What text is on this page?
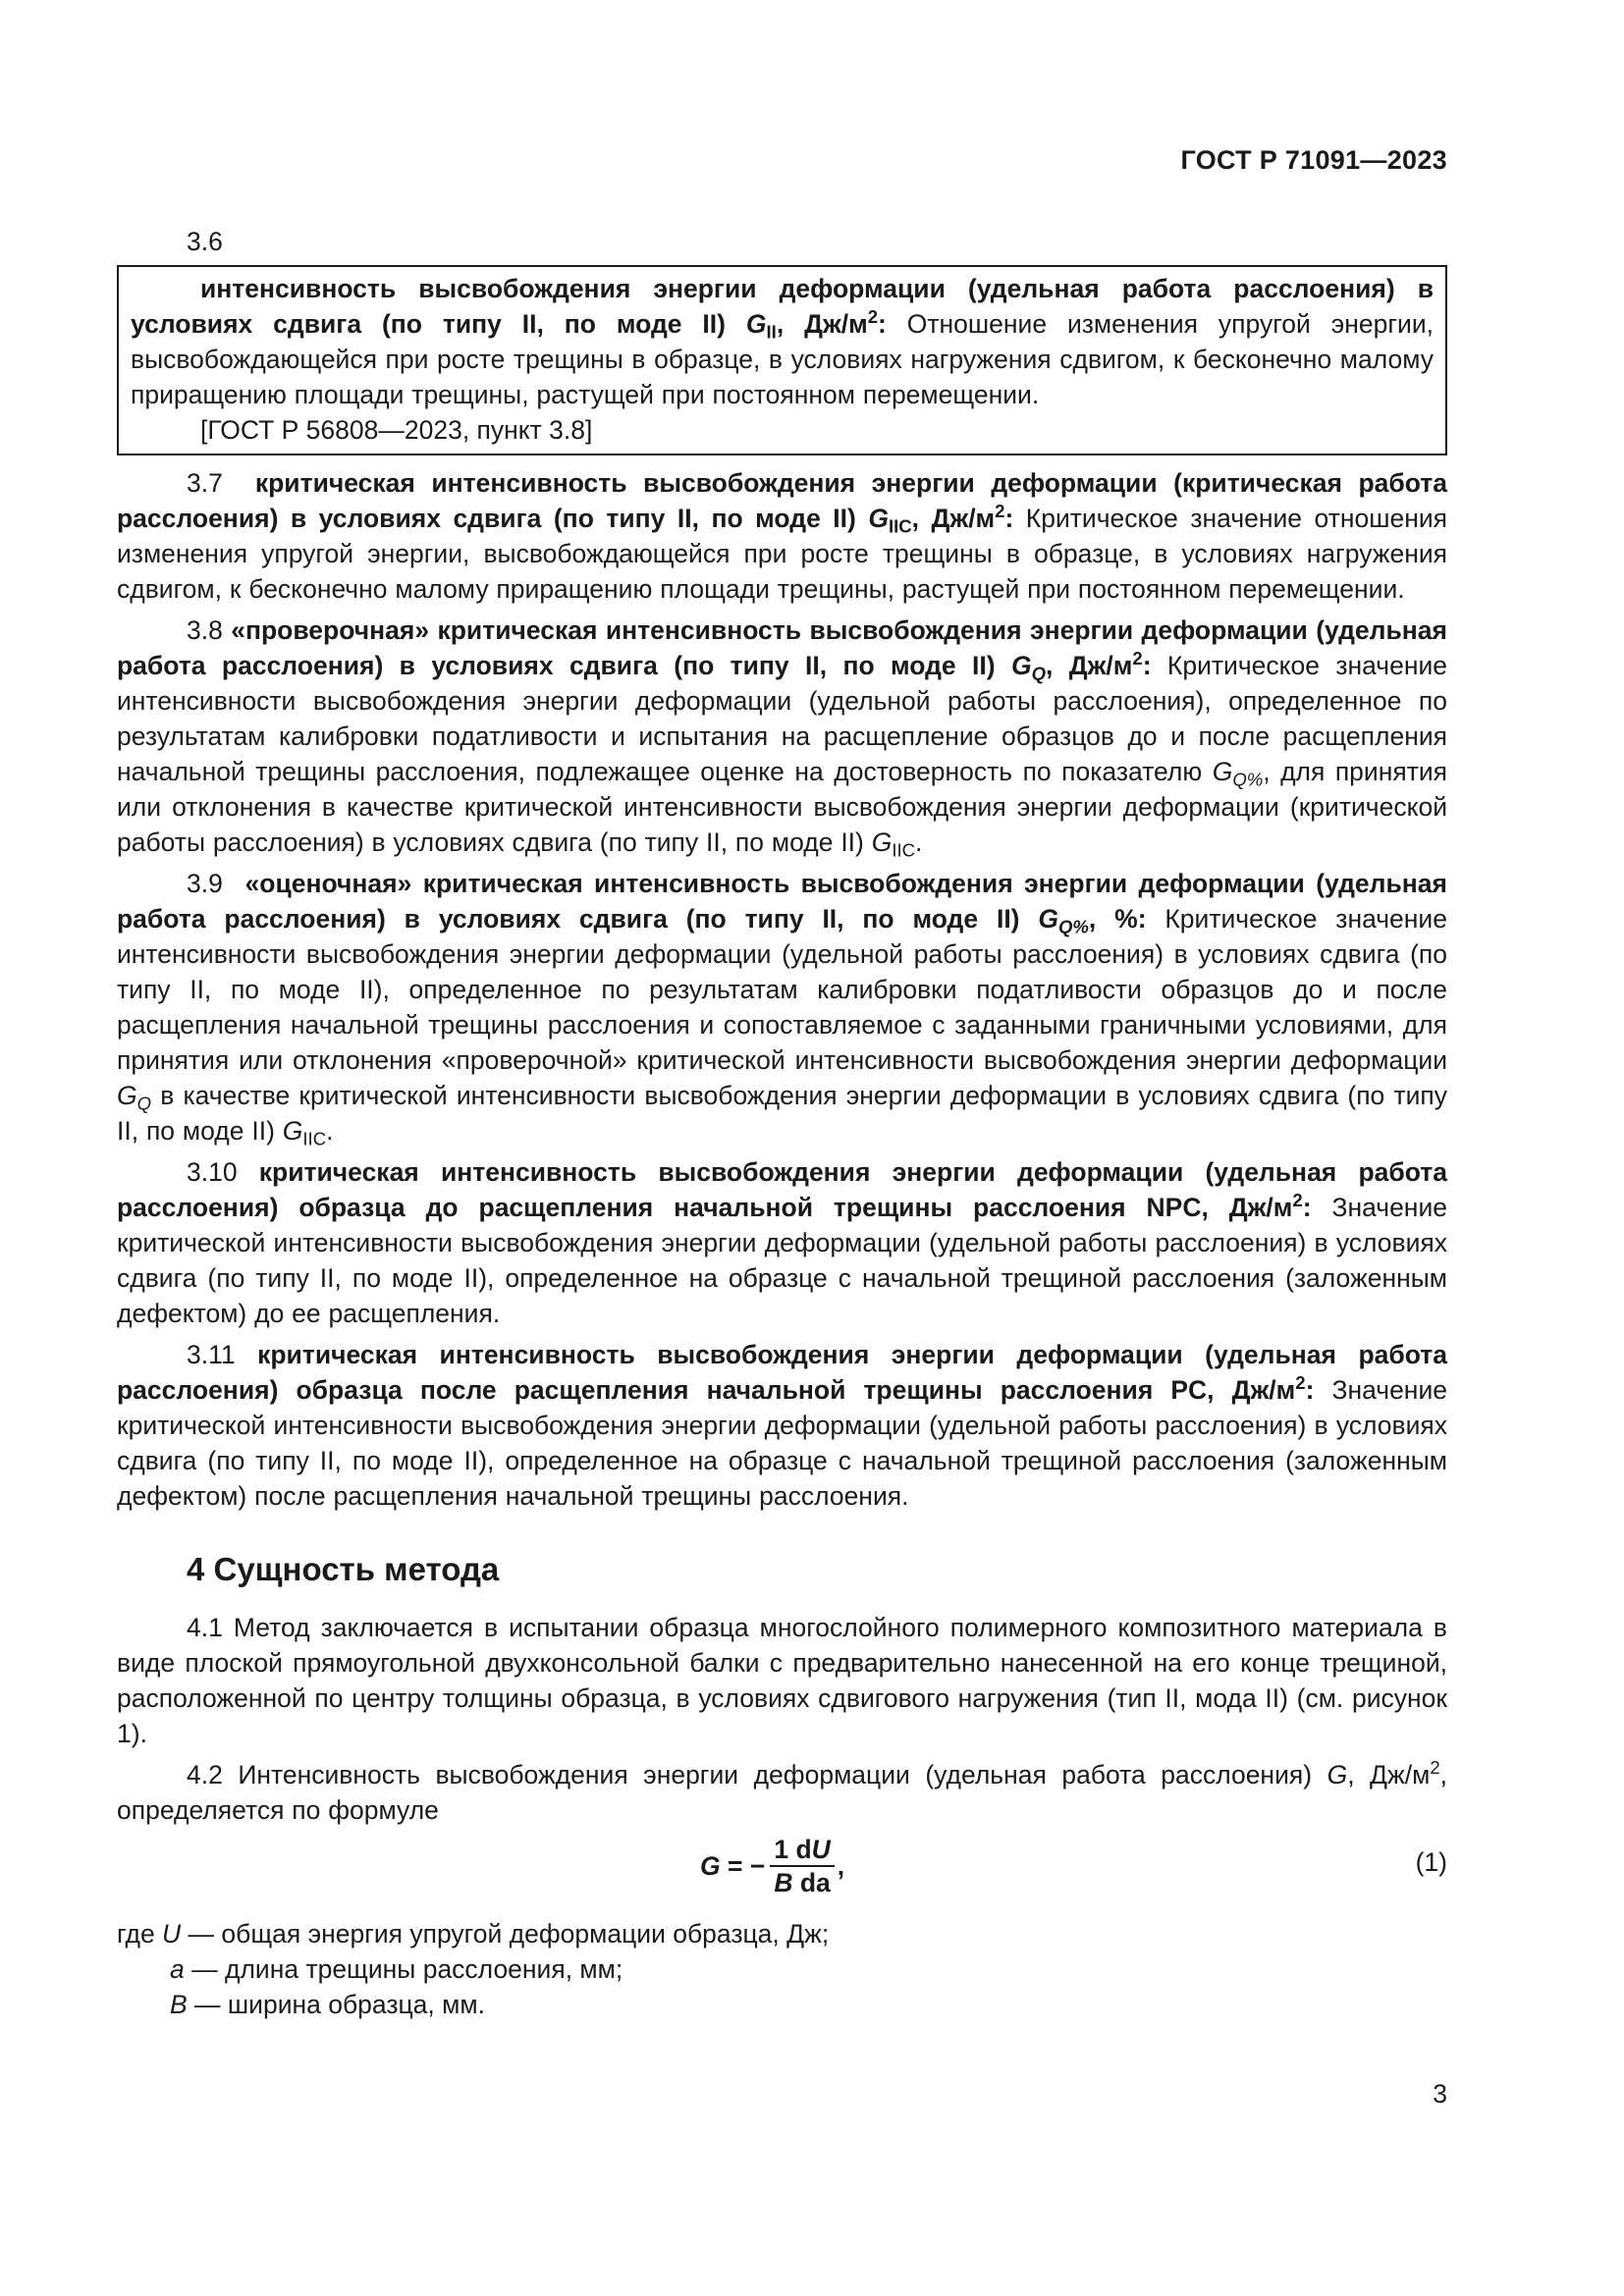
ГОСТ Р 71091—2023
3.6

интенсивность высвобождения энергии деформации (удельная работа расслоения) в условиях сдвига (по типу II, по моде II) $G_{II}$, $Дж/м^2$: Отношение изменения упругой энергии, высвобождающейся при росте трещины в образце, в условиях нагружения сдвигом, к бесконечно малому приращению площади трещины, растущей при постоянном перемещении.

[ГОСТ Р 56808—2023, пункт 3.8]

3.7 критическая интенсивность высвобождения энергии деформации (критическая работа расслоения) в условиях сдвига (по типу II, по моде II) $G_{IIC}$, $Дж/м^2$: Критическое значение отношения изменения упругой энергии, высвобождающейся при росте трещины в образце, в условиях нагружения сдвигом, к бесконечно малому приращению площади трещины, растущей при постоянном перемещении.

3.8 «проверочная» критическая интенсивность высвобождения энергии деформации (удельная работа расслоения) в условиях сдвига (по типу II, по моде II) $G_Q$, $Дж/м^2$: Критическое значение интенсивности высвобождения энергии деформации (удельной работы расслоения), определенное по результатам калибровки податливости и испытания на расщепление образцов до и после расщепления начальной трещины расслоения, подлежащее оценке на достоверность по показателю $G_{Q\%}$, для принятия или отклонения в качестве критической интенсивности высвобождения энергии деформации (критической работы расслоения) в условиях сдвига (по типу II, по моде II) $G_{IIC}$.

3.9 «оценочная» критическая интенсивность высвобождения энергии деформации (удельная работа расслоения) в условиях сдвига (по типу II, по моде II) $G_{Q\%}$, %: Критическое значение интенсивности высвобождения энергии деформации (удельной работы расслоения) в условиях сдвига (по типу II, по моде II), определенное по результатам калибровки податливости образцов до и после расщепления начальной трещины расслоения и сопоставляемое с заданными граничными условиями, для принятия или отклонения «проверочной» критической интенсивности высвобождения энергии деформации $G_Q$ в качестве критической интенсивности высвобождения энергии деформации в условиях сдвига (по типу II, по моде II) $G_{IIC}$.

3.10 критическая интенсивность высвобождения энергии деформации (удельная работа расслоения) образца до расщепления начальной трещины расслоения NPC, $Дж/м^2$: Значение критической интенсивности высвобождения энергии деформации (удельной работы расслоения) в условиях сдвига (по типу II, по моде II), определенное на образце с начальной трещиной расслоения (заложенным дефектом) до ее расщепления.

3.11 критическая интенсивность высвобождения энергии деформации (удельная работа расслоения) образца после расщепления начальной трещины расслоения PC, $Дж/м^2$: Значение критической интенсивности высвобождения энергии деформации (удельной работы расслоения) в условиях сдвига (по типу II, по моде II), определенное на образце с начальной трещиной расслоения (заложенным дефектом) после расщепления начальной трещины расслоения.

4 Сущность метода

4.1 Метод заключается в испытании образца многослойного полимерного композитного материала в виде плоской прямоугольной двухконсольной балки с предварительно нанесенной на его конце трещиной, расположенной по центру толщины образца, в условиях сдвигового нагружения (тип II, мода II) (см. рисунок 1).

4.2 Интенсивность высвобождения энергии деформации (удельная работа расслоения) G, $Дж/м^2$, определяется по формуле

G = − $\frac{1 dU}{\text{B da}}$ ,	(1)
где U — общая энергия упругой деформации образца, Дж;
a — длина трещины расслоения, мм;
B — ширина образца, мм.
3
